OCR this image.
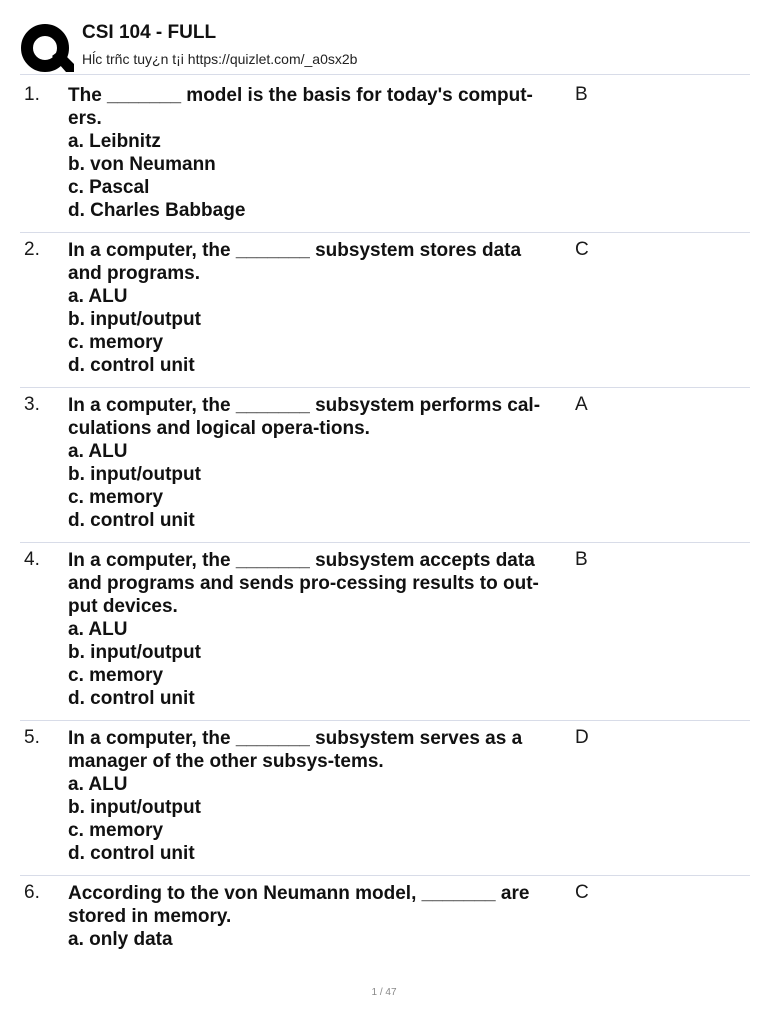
CSI 104 - FULL
Hĺc trñc tuy¿n t¡i https://quizlet.com/_a0sx2b
1. The _______ model is the basis for today's comput-
ers.
a. Leibnitz
b. von Neumann
c. Pascal
d. Charles Babbage
B
2. In a computer, the _______ subsystem stores data
and programs.
a. ALU
b. input/output
c. memory
d. control unit
C
3. In a computer, the _______ subsystem performs cal-
culations and logical opera-tions.
a. ALU
b. input/output
c. memory
d. control unit
A
4. In a computer, the _______ subsystem accepts data
and programs and sends pro-cessing results to out-
put devices.
a. ALU
b. input/output
c. memory
d. control unit
B
5. In a computer, the _______ subsystem serves as a
manager of the other subsys-tems.
a. ALU
b. input/output
c. memory
d. control unit
D
6. According to the von Neumann model, _______ are
stored in memory.
a. only data
C
1 / 47
